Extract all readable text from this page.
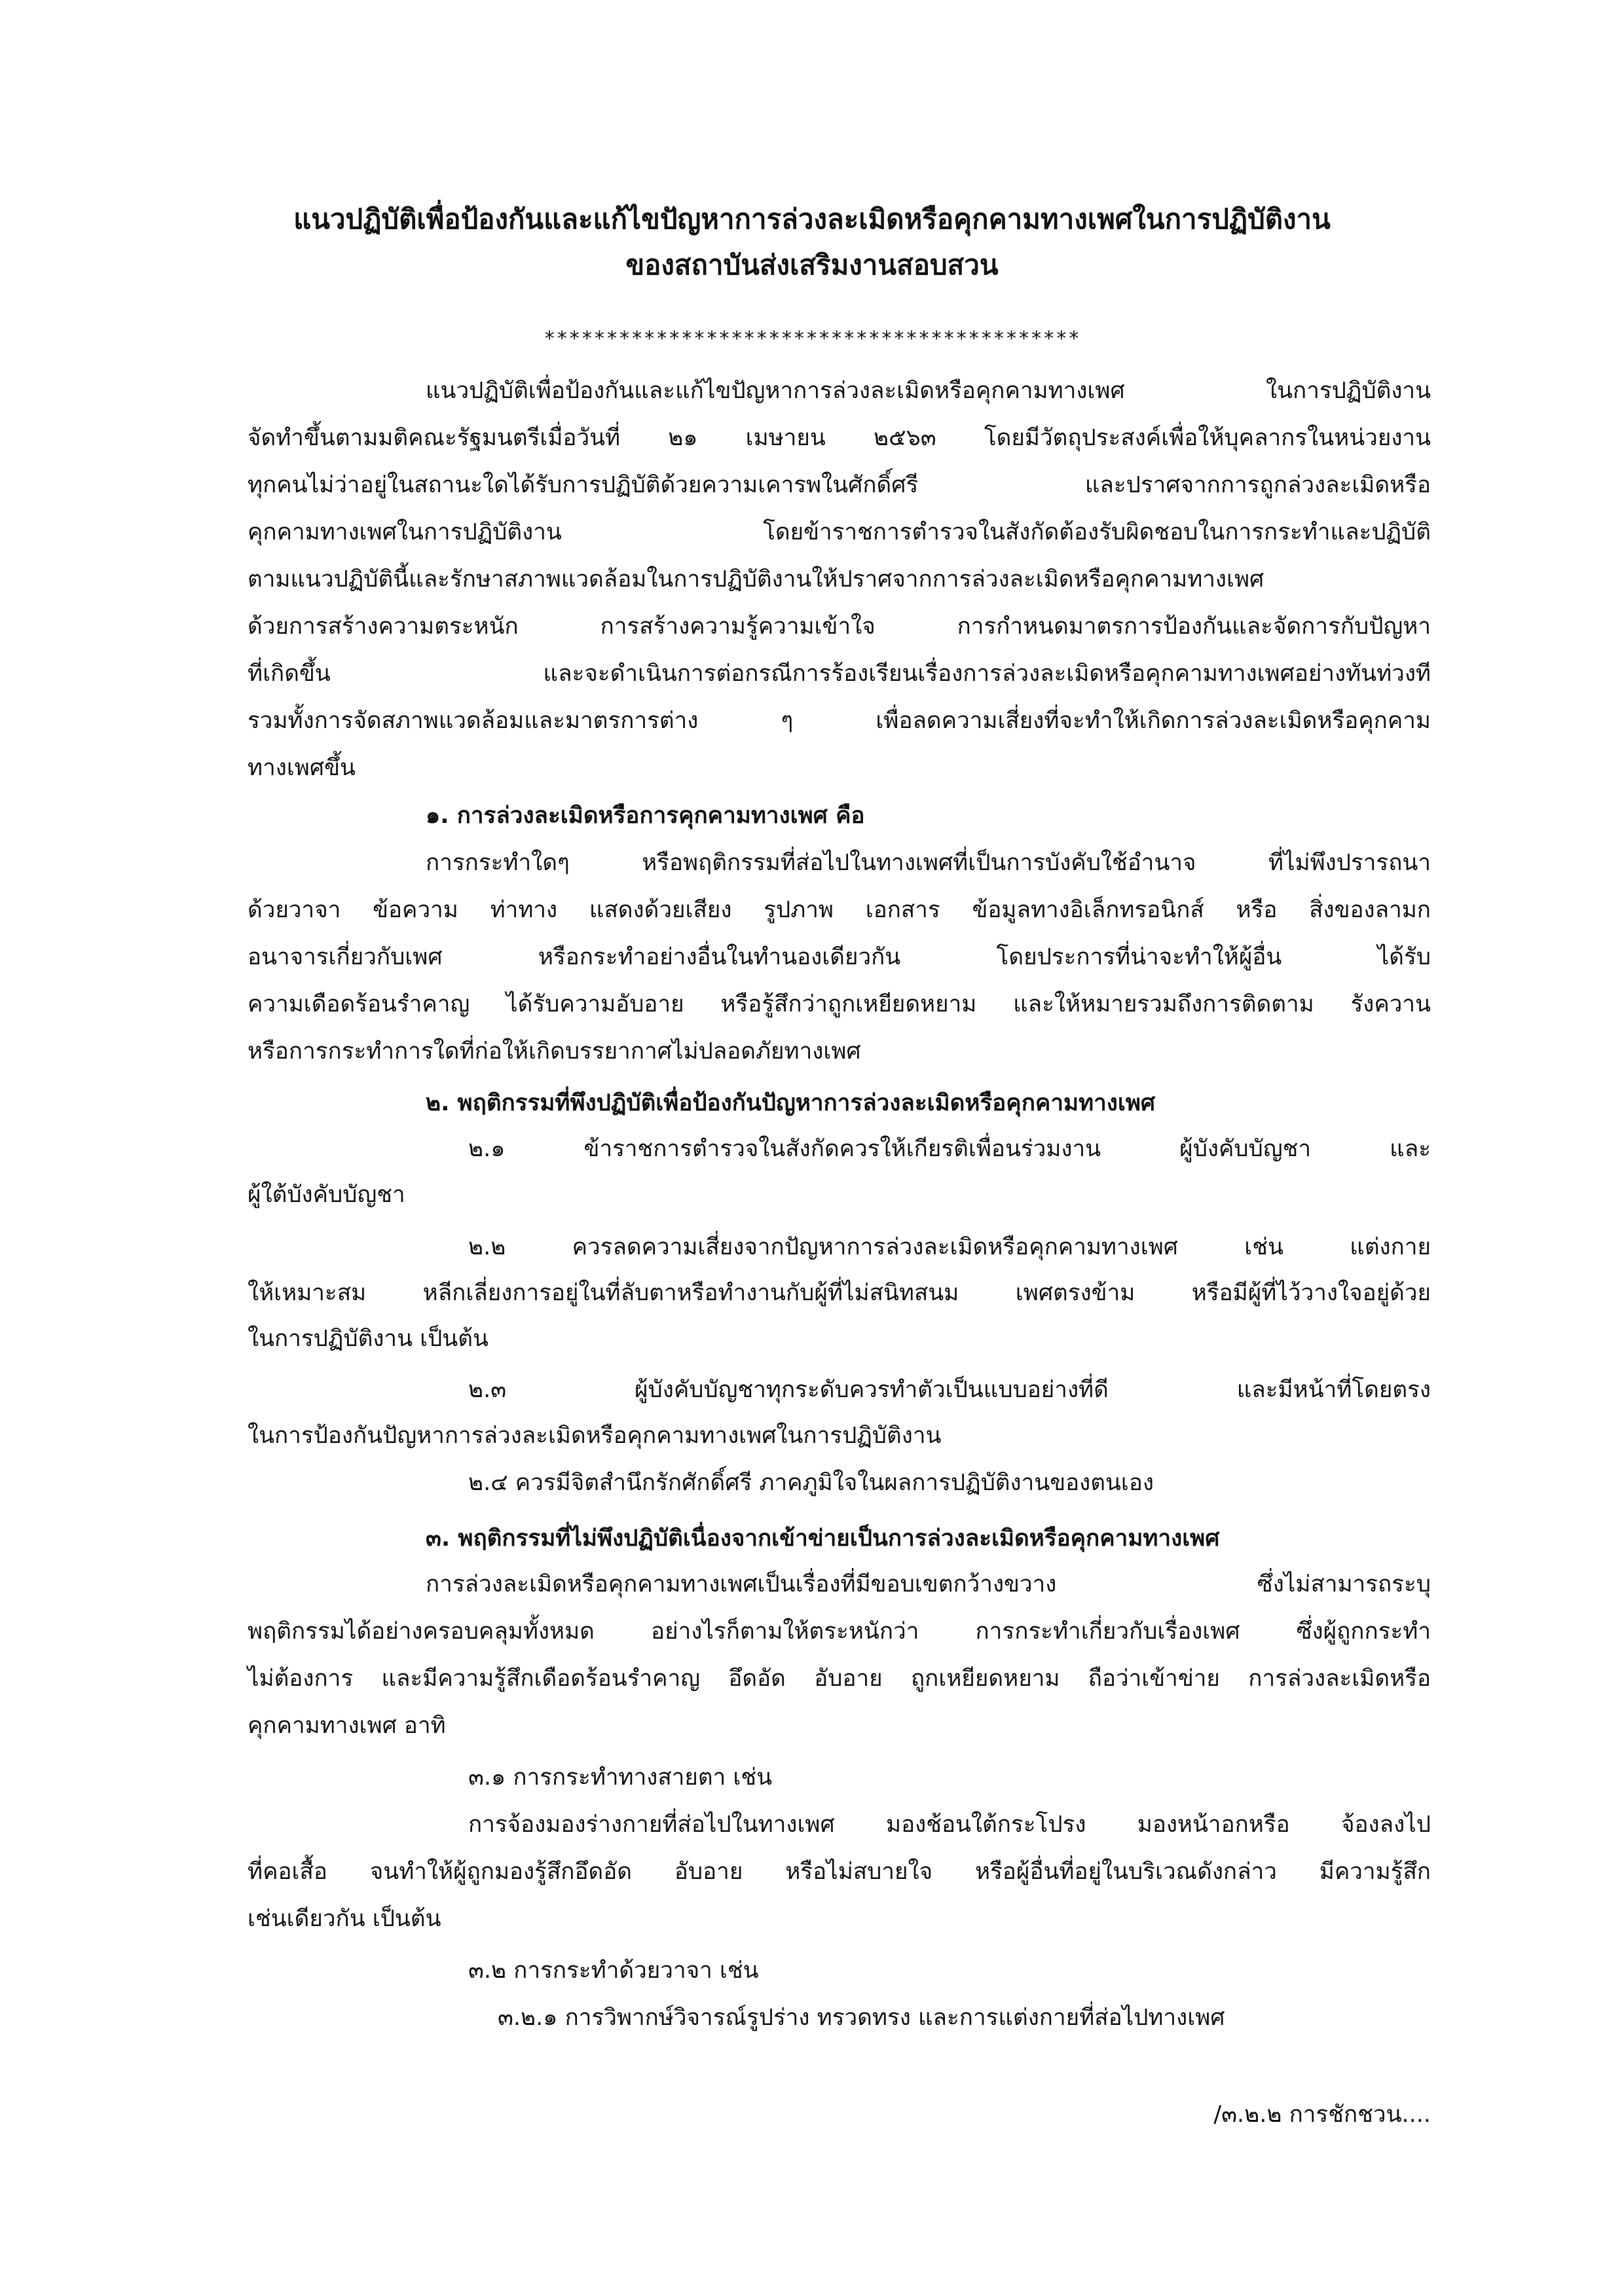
แนวปฏิบัติเพื่อป้องกันและแก้ไขปัญหาการล่วงละเมิดหรือคุกคามทางเพศในการปฏิบัติงาน
ของสถาบันส่งเสริมงานสอบสวน
*******************************************
แนวปฏิบัติเพื่อป้องกันและแก้ไขปัญหาการล่วงละเมิดหรือคุกคามทางเพศ ในการปฏิบัติงาน
จัดทำขึ้นตามมติคณะรัฐมนตรีเมื่อวันที่ ๒๑ เมษายน ๒๕๖๓ โดยมีวัตถุประสงค์เพื่อให้บุคลากรในหน่วยงาน
ทุกคนไม่ว่าอยู่ในสถานะใดได้รับการปฏิบัติด้วยความเคารพในศักดิ์ศรี และปราศจากการถูกล่วงละเมิดหรือ
คุกคามทางเพศในการปฏิบัติงาน โดยข้าราชการตำรวจในสังกัดต้องรับผิดชอบในการกระทำและปฏิบัติ
ตามแนวปฏิบัตินี้และรักษาสภาพแวดล้อมในการปฏิบัติงานให้ปราศจากการล่วงละเมิดหรือคุกคามทางเพศ
ด้วยการสร้างความตระหนัก การสร้างความรู้ความเข้าใจ การกำหนดมาตรการป้องกันและจัดการกับปัญหา
ที่เกิดขึ้น และจะดำเนินการต่อกรณีการร้องเรียนเรื่องการล่วงละเมิดหรือคุกคามทางเพศอย่างทันท่วงที
รวมทั้งการจัดสภาพแวดล้อมและมาตรการต่าง ๆ เพื่อลดความเสี่ยงที่จะทำให้เกิดการล่วงละเมิดหรือคุกคาม
ทางเพศขึ้น
๑. การล่วงละเมิดหรือการคุกคามทางเพศ คือ
การกระทำใดๆ หรือพฤติกรรมที่ส่อไปในทางเพศที่เป็นการบังคับใช้อำนาจ ที่ไม่พึงปรารถนา
ด้วยวาจา ข้อความ ท่าทาง แสดงด้วยเสียง รูปภาพ เอกสาร ข้อมูลทางอิเล็กทรอนิกส์ หรือ สิ่งของลามก
อนาจารเกี่ยวกับเพศ หรือกระทำอย่างอื่นในทำนองเดียวกัน โดยประการที่น่าจะทำให้ผู้อื่น ได้รับ
ความเดือดร้อนรำคาญ ได้รับความอับอาย หรือรู้สึกว่าถูกเหยียดหยาม และให้หมายรวมถึงการติดตาม รังควาน
หรือการกระทำการใดที่ก่อให้เกิดบรรยากาศไม่ปลอดภัยทางเพศ
๒. พฤติกรรมที่พึงปฏิบัติเพื่อป้องกันปัญหาการล่วงละเมิดหรือคุกคามทางเพศ
๒.๑ ข้าราชการตำรวจในสังกัดควรให้เกียรติเพื่อนร่วมงาน ผู้บังคับบัญชา และ
ผู้ใต้บังคับบัญชา
๒.๒ ควรลดความเสี่ยงจากปัญหาการล่วงละเมิดหรือคุกคามทางเพศ เช่น แต่งกาย
ให้เหมาะสม หลีกเลี่ยงการอยู่ในที่ลับตาหรือทำงานกับผู้ที่ไม่สนิทสนม เพศตรงข้าม หรือมีผู้ที่ไว้วางใจอยู่ด้วย
ในการปฏิบัติงาน เป็นต้น
๒.๓ ผู้บังคับบัญชาทุกระดับควรทำตัวเป็นแบบอย่างที่ดี และมีหน้าที่โดยตรง
ในการป้องกันปัญหาการล่วงละเมิดหรือคุกคามทางเพศในการปฏิบัติงาน
๒.๔ ควรมีจิตสำนึกรักศักดิ์ศรี ภาคภูมิใจในผลการปฏิบัติงานของตนเอง
๓. พฤติกรรมที่ไม่พึงปฏิบัติเนื่องจากเข้าข่ายเป็นการล่วงละเมิดหรือคุกคามทางเพศ
การล่วงละเมิดหรือคุกคามทางเพศเป็นเรื่องที่มีขอบเขตกว้างขวาง ซึ่งไม่สามารถระบุ
พฤติกรรมได้อย่างครอบคลุมทั้งหมด อย่างไรก็ตามให้ตระหนักว่า การกระทำเกี่ยวกับเรื่องเพศ ซึ่งผู้ถูกกระทำ
ไม่ต้องการ และมีความรู้สึกเดือดร้อนรำคาญ อึดอัด อับอาย ถูกเหยียดหยาม ถือว่าเข้าข่าย การล่วงละเมิดหรือ
คุกคามทางเพศ อาทิ
๓.๑ การกระทำทางสายตา เช่น
การจ้องมองร่างกายที่ส่อไปในทางเพศ มองช้อนใต้กระโปรง มองหน้าอกหรือ จ้องลงไป
ที่คอเสื้อ จนทำให้ผู้ถูกมองรู้สึกอึดอัด อับอาย หรือไม่สบายใจ หรือผู้อื่นที่อยู่ในบริเวณดังกล่าว มีความรู้สึก
เช่นเดียวกัน เป็นต้น
๓.๒ การกระทำด้วยวาจา เช่น
๓.๒.๑ การวิพากษ์วิจารณ์รูปร่าง ทรวดทรง และการแต่งกายที่ส่อไปทางเพศ
/๓.๒.๒ การชักชวน....
